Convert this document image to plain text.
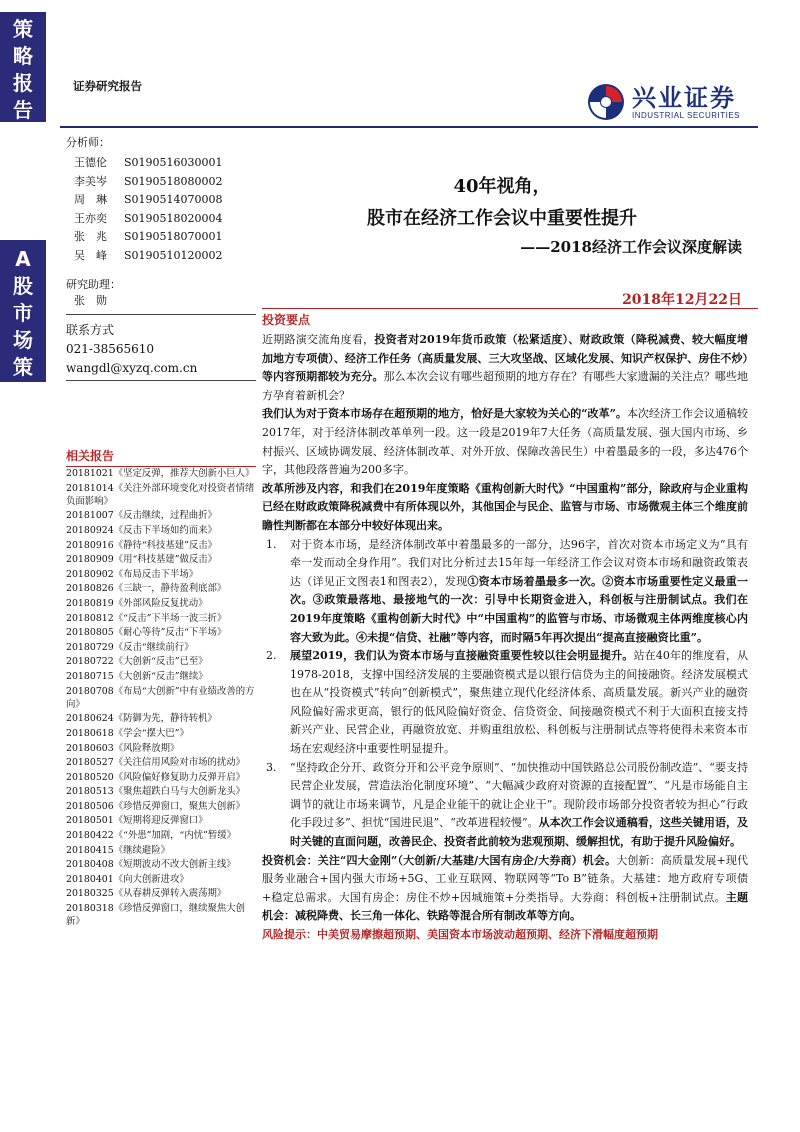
策
略
报
告
A
股
市
场
策
略
证券研究报告	兴业证券
INDUSTRIAL SECURITIES
分析师：
王德伦	S0190516030001
李美岑	S0190518080002
周　琳	S0190514070008
王亦奕	S0190518020004
张　兆	S0190518070001
吴　峰	S0190510120002
研究助理：
张　勋
联系方式
021-38565610
wangdl@xyzq.com.cn
相关报告
20181021《坚定反弹，推荐大创新小巨人》
20181014《关注外部环境变化对投资者情绪负面影响》
20181007《反击继续，过程曲折》
20180924《反击下半场如约而来》
20180916《静待“科技基建”反击》
20180909《用“科技基建”做反击》
20180902《布局反击下半场》
20180826《三缺一，静待盈利底部》
20180819《外部风险反复扰动》
20180812《“反击”下半场一波三折》
20180805《耐心等待”反击“下半场》
20180729《反击“继续前行》
20180722《大创新“反击”已至》
20180715《大创新“反击”继续》
20180708《布局“大创新”中有业绩改善的方向》
20180624《防御为先，静待转机》
20180618《学会“摆大巴”》
20180603《风险释放期》
20180527《关注信用风险对市场的扰动》
20180520《风险偏好修复助力反弹开启》
20180513《聚焦超跌白马与大创新龙头》
20180506《珍惜反弹窗口，聚焦大创新》
20180501《短期将迎反弹窗口》
20180422《“外患”加剧，“内忧”暂缓》
20180415《继续避险》
20180408《短期波动不改大创新主线》
20180401《向大创新进攻》
20180325《从春耕反弹转入震荡期》
20180318《珍惜反弹窗口，继续聚焦大创新》
40年视角，
股市在经济工作会议中重要性提升
——2018经济工作会议深度解读
2018年12月22日
投资要点

近期路演交流角度看，投资者对2019年货币政策（松紧适度）、财政政策（降税减费、较大幅度增加地方专项债）、经济工作任务（高质量发展、三大攻坚战、区域化发展、知识产权保护、房住不炒）等内容预期都较为充分。那么本次会议有哪些超预期的地方存在？有哪些大家遗漏的关注点？哪些地方孕育着新机会？

我们认为对于资本市场存在超预期的地方，恰好是大家较为关心的“改革”。本次经济工作会议通稿较2017年，对于经济体制改革单列一段。这一段是2019年7大任务（高质量发展、强大国内市场、乡村振兴、区域协调发展、经济体制改革、对外开放、保障改善民生）中着墨最多的一段，多达476个字，其他段落普遍为200多字。

改革所涉及内容，和我们在2019年度策略《重构创新大时代》“中国重构”部分，除政府与企业重构已经在财政政策降税减费中有所体现以外，其他国企与民企、监管与市场、市场微观主体三个维度前瞻性判断都在本部分中较好体现出来。

1.	对于资本市场，是经济体制改革中着墨最多的一部分，达96字，首次对资本市场定义为“具有牵一发而动全身作用”。我们对比分析过去15年每一年经济工作会议对资本市场和融资政策表达（详见正文图表1和图表2），发现①资本市场着墨最多一次。②资本市场重要性定义最重一次。③政策最落地、最接地气的一次：引导中长期资金进入，科创板与注册制试点。我们在2019年度策略《重构创新大时代》中“中国重构”的监管与市场、市场微观主体两维度核心内容大致为此。④未提“信贷、社融”等内容，而时隔5年再次提出“提高直接融资比重”。
2.	展望2019，我们认为资本市场与直接融资重要性较以往会明显提升。站在40年的维度看，从1978-2018，支撑中国经济发展的主要融资模式是以银行信贷为主的间接融资。经济发展模式也在从“投资模式”转向“创新模式”，聚焦建立现代化经济体系、高质量发展。新兴产业的融资风险偏好需求更高，银行的低风险偏好资金、信贷资金、间接融资模式不利于大面积直接支持新兴产业、民营企业，再融资放宽、并购重组放松、科创板与注册制试点等将使得未来资本市场在宏观经济中重要性明显提升。
3.	“坚持政企分开、政资分开和公平竞争原则”、“加快推动中国铁路总公司股份制改造”、“要支持民营企业发展，营造法治化制度环境”、“大幅减少政府对资源的直接配置”、“凡是市场能自主调节的就让市场来调节，凡是企业能干的就让企业干”。现阶段市场部分投资者较为担心“行政化手段过多”、担忧“国进民退”、“改革进程较慢”。从本次工作会议通稿看，这些关键用语，及时关键的直面问题，改善民企、投资者此前较为悲观预期、缓解担忧，有助于提升风险偏好。

投资机会：关注“四大金刚”（大创新/大基建/大国有房企/大券商）机会。大创新：高质量发展+现代服务业融合+国内强大市场+5G、工业互联网、物联网等“To B”链条。大基建：地方政府专项债+稳定总需求。大国有房企：房住不炒+因城施策+分类指导。大券商：科创板+注册制试点。主题机会：减税降费、长三角一体化、铁路等混合所有制改革等方向。

风险提示：中美贸易摩擦超预期、美国资本市场波动超预期、经济下滑幅度超预期
